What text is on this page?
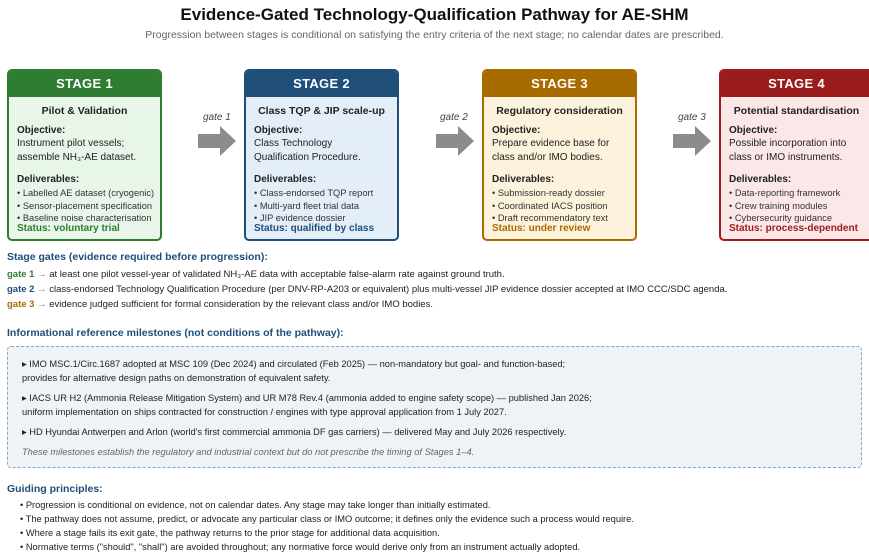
Evidence-Gated Technology-Qualification Pathway for AE-SHM
Progression between stages is conditional on satisfying the entry criteria of the next stage; no calendar dates are prescribed.
STAGE 1
Pilot & Validation
Objective:
Instrument pilot vessels;
assemble NH₃-AE dataset.
Deliverables:
• Labelled AE dataset (cryogenic)
• Sensor-placement specification
• Baseline noise characterisation
Status: voluntary trial
STAGE 2
Class TQP & JIP scale-up
Objective:
Class Technology
Qualification Procedure.
Deliverables:
• Class-endorsed TQP report
• Multi-yard fleet trial data
• JIP evidence dossier
Status: qualified by class
STAGE 3
Regulatory consideration
Objective:
Prepare evidence base for
class and/or IMO bodies.
Deliverables:
• Submission-ready dossier
• Coordinated IACS position
• Draft recommendatory text
Status: under review
STAGE 4
Potential standardisation
Objective:
Possible incorporation into
class or IMO instruments.
Deliverables:
• Data-reporting framework
• Crew training modules
• Cybersecurity guidance
Status: process-dependent
gate 1	gate 2	gate 3
Stage gates (evidence required before progression):
gate 1 → at least one pilot vessel-year of validated NH₃-AE data with acceptable false-alarm rate against ground truth.
gate 2 → class-endorsed Technology Qualification Procedure (per DNV-RP-A203 or equivalent) plus multi-vessel JIP evidence dossier accepted at IMO CCC/SDC agenda.
gate 3 → evidence judged sufficient for formal consideration by the relevant class and/or IMO bodies.
Informational reference milestones (not conditions of the pathway):
▸ IMO MSC.1/Circ.1687 adopted at MSC 109 (Dec 2024) and circulated (Feb 2025) — non-mandatory but goal- and function-based;
provides for alternative design paths on demonstration of equivalent safety.
▸ IACS UR H2 (Ammonia Release Mitigation System) and UR M78 Rev.4 (ammonia added to engine safety scope) — published Jan 2026;
uniform implementation on ships contracted for construction / engines with type approval application from 1 July 2027.
▸ HD Hyundai Antwerpen and Arlon (world's first commercial ammonia DF gas carriers) — delivered May and July 2026 respectively.
These milestones establish the regulatory and industrial context but do not prescribe the timing of Stages 1–4.
Guiding principles:
• Progression is conditional on evidence, not on calendar dates. Any stage may take longer than initially estimated.
• The pathway does not assume, predict, or advocate any particular class or IMO outcome; it defines only the evidence such a process would require.
• Where a stage fails its exit gate, the pathway returns to the prior stage for additional data acquisition.
• Normative terms ("should", "shall") are avoided throughout; any normative force would derive only from an instrument actually adopted.
